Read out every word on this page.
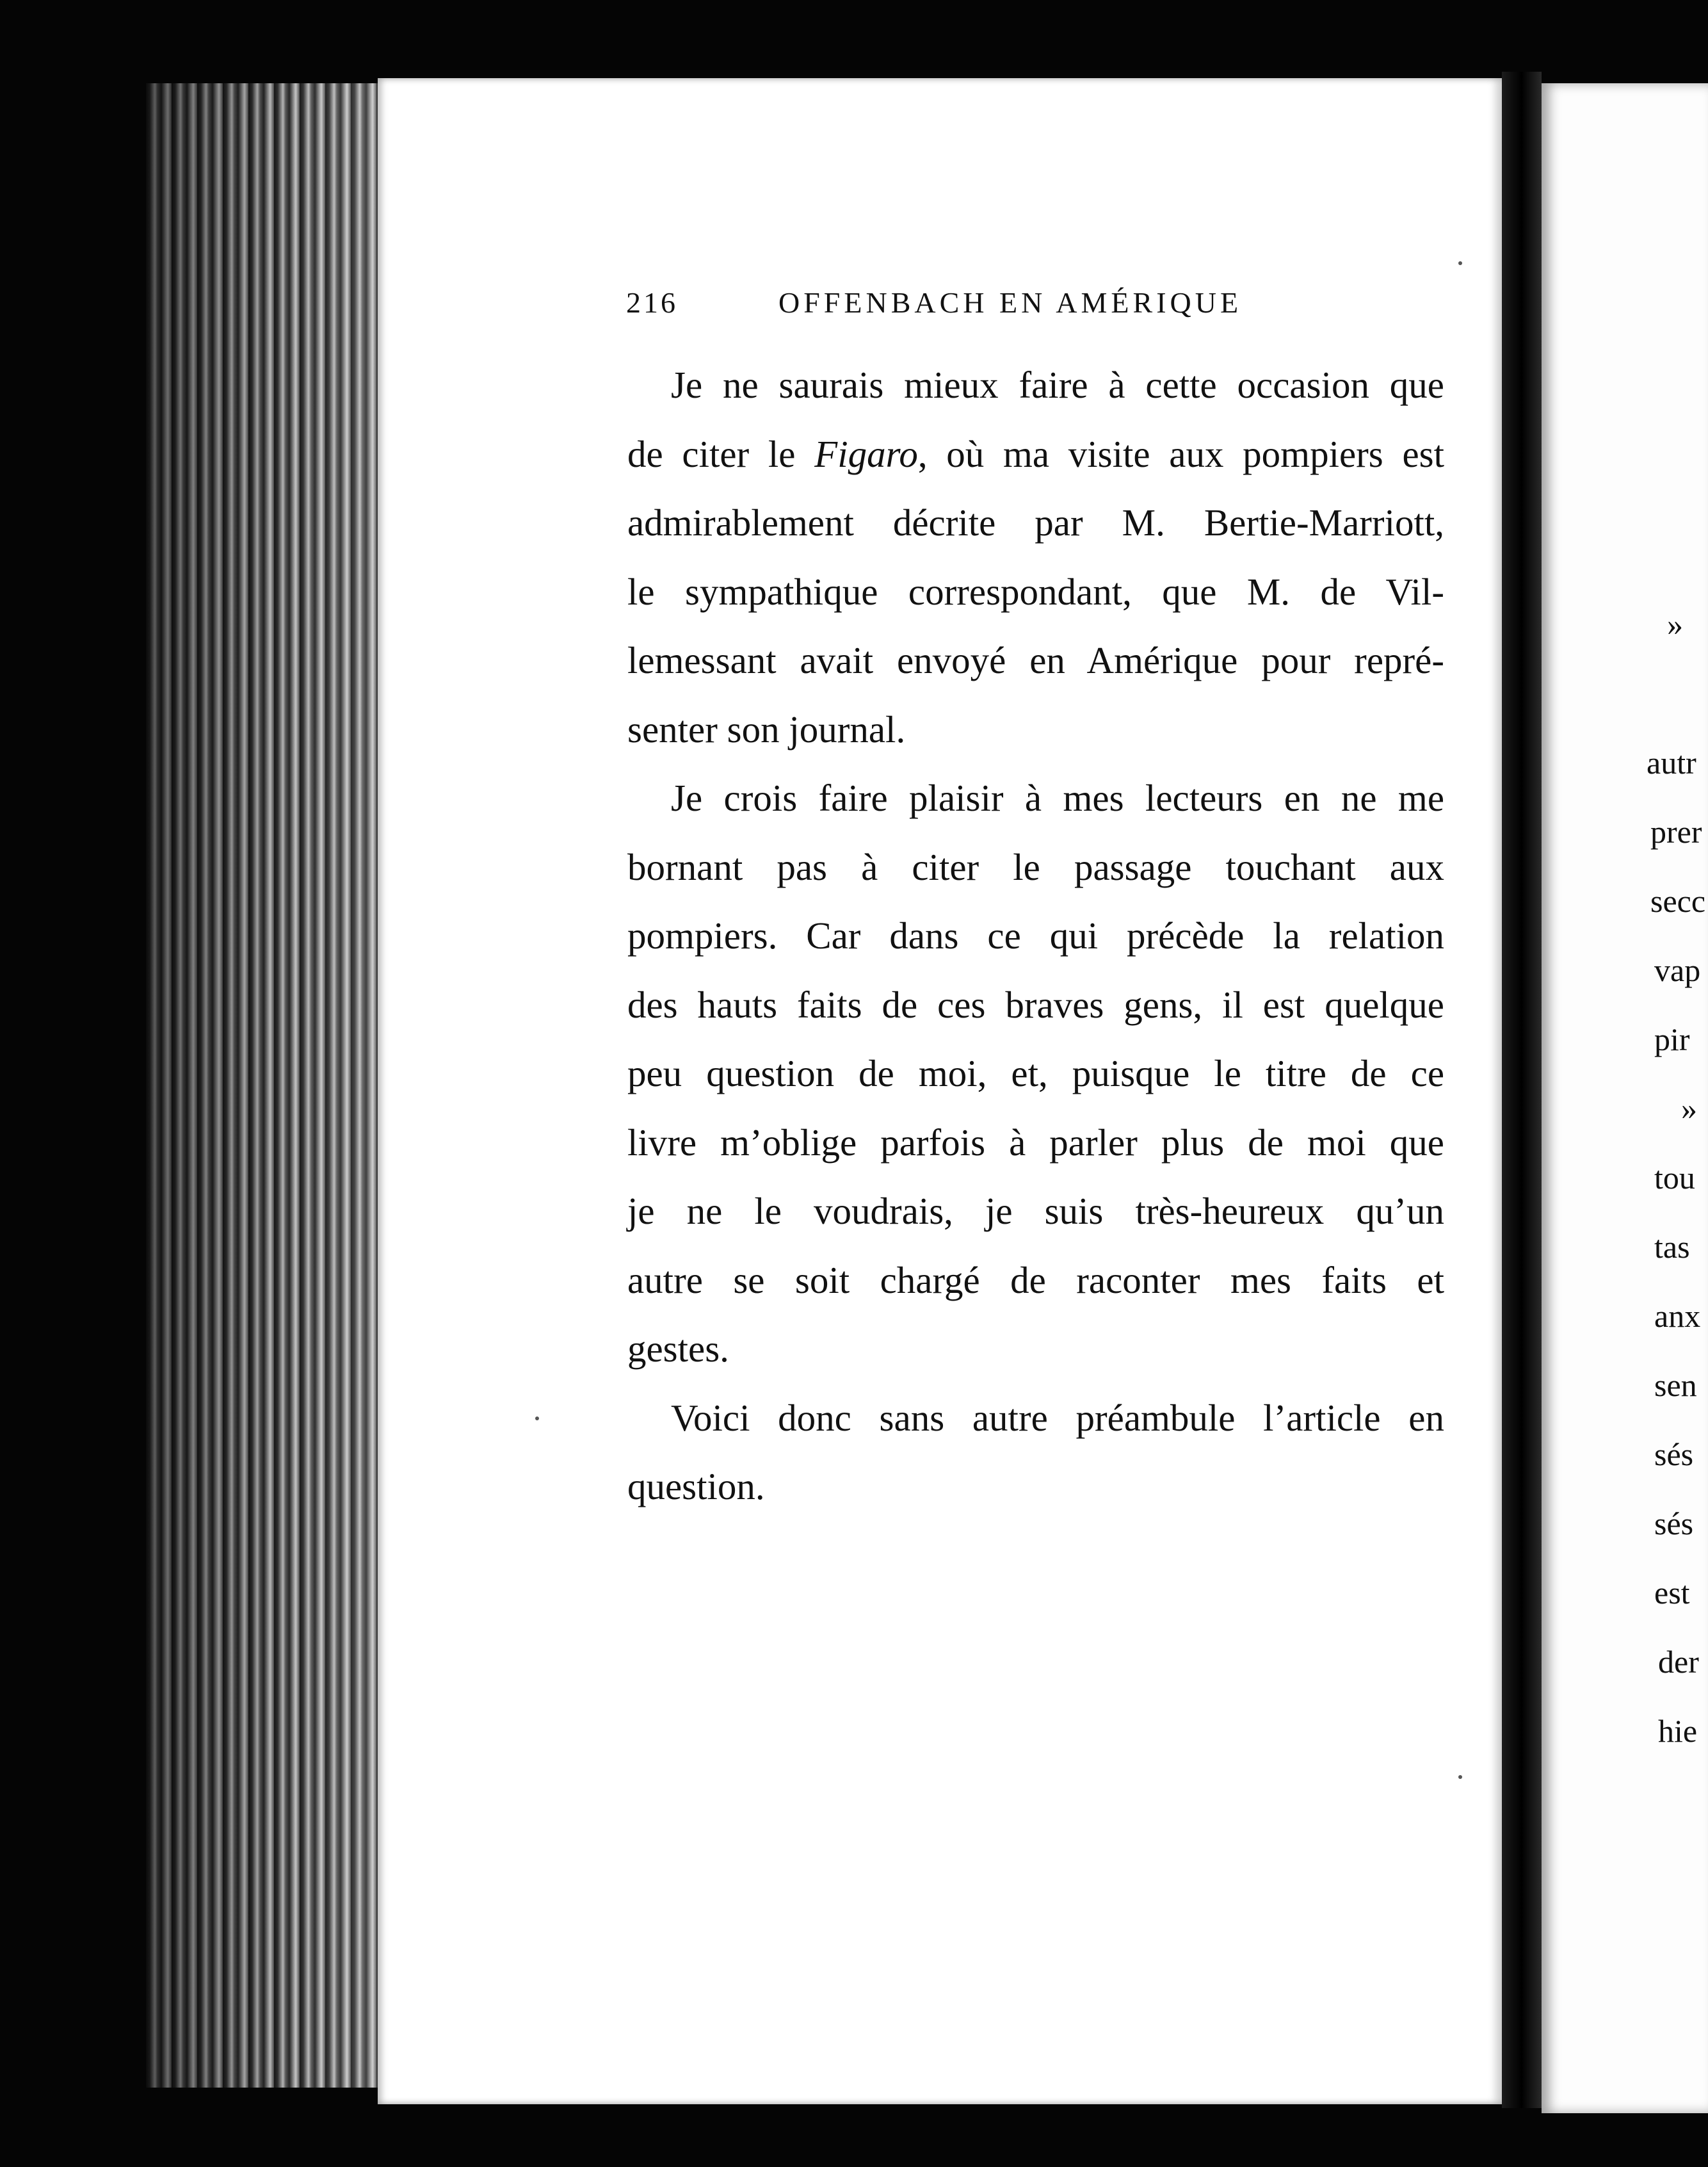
216	OFFENBACH EN AMÉRIQUE
Je ne saurais mieux faire à cette occasion que
de citer le Figaro, où ma visite aux pompiers est
admirablement décrite par M. Bertie-Marriott,
le sympathique correspondant, que M. de Vil-
lemessant avait envoyé en Amérique pour repré-
senter son journal.
Je crois faire plaisir à mes lecteurs en ne me
bornant pas à citer le passage touchant aux
pompiers. Car dans ce qui précède la relation
des hauts faits de ces braves gens, il est quelque
peu question de moi, et, puisque le titre de ce
livre m’oblige parfois à parler plus de moi que
je ne le voudrais, je suis très-heureux qu’un
autre se soit chargé de raconter mes faits et
gestes.
Voici donc sans autre préambule l’article en
question.
»
autr
prer
secc
vap
pir
»
tou
tas
anx
sen
sés
sés
est
der
hie
